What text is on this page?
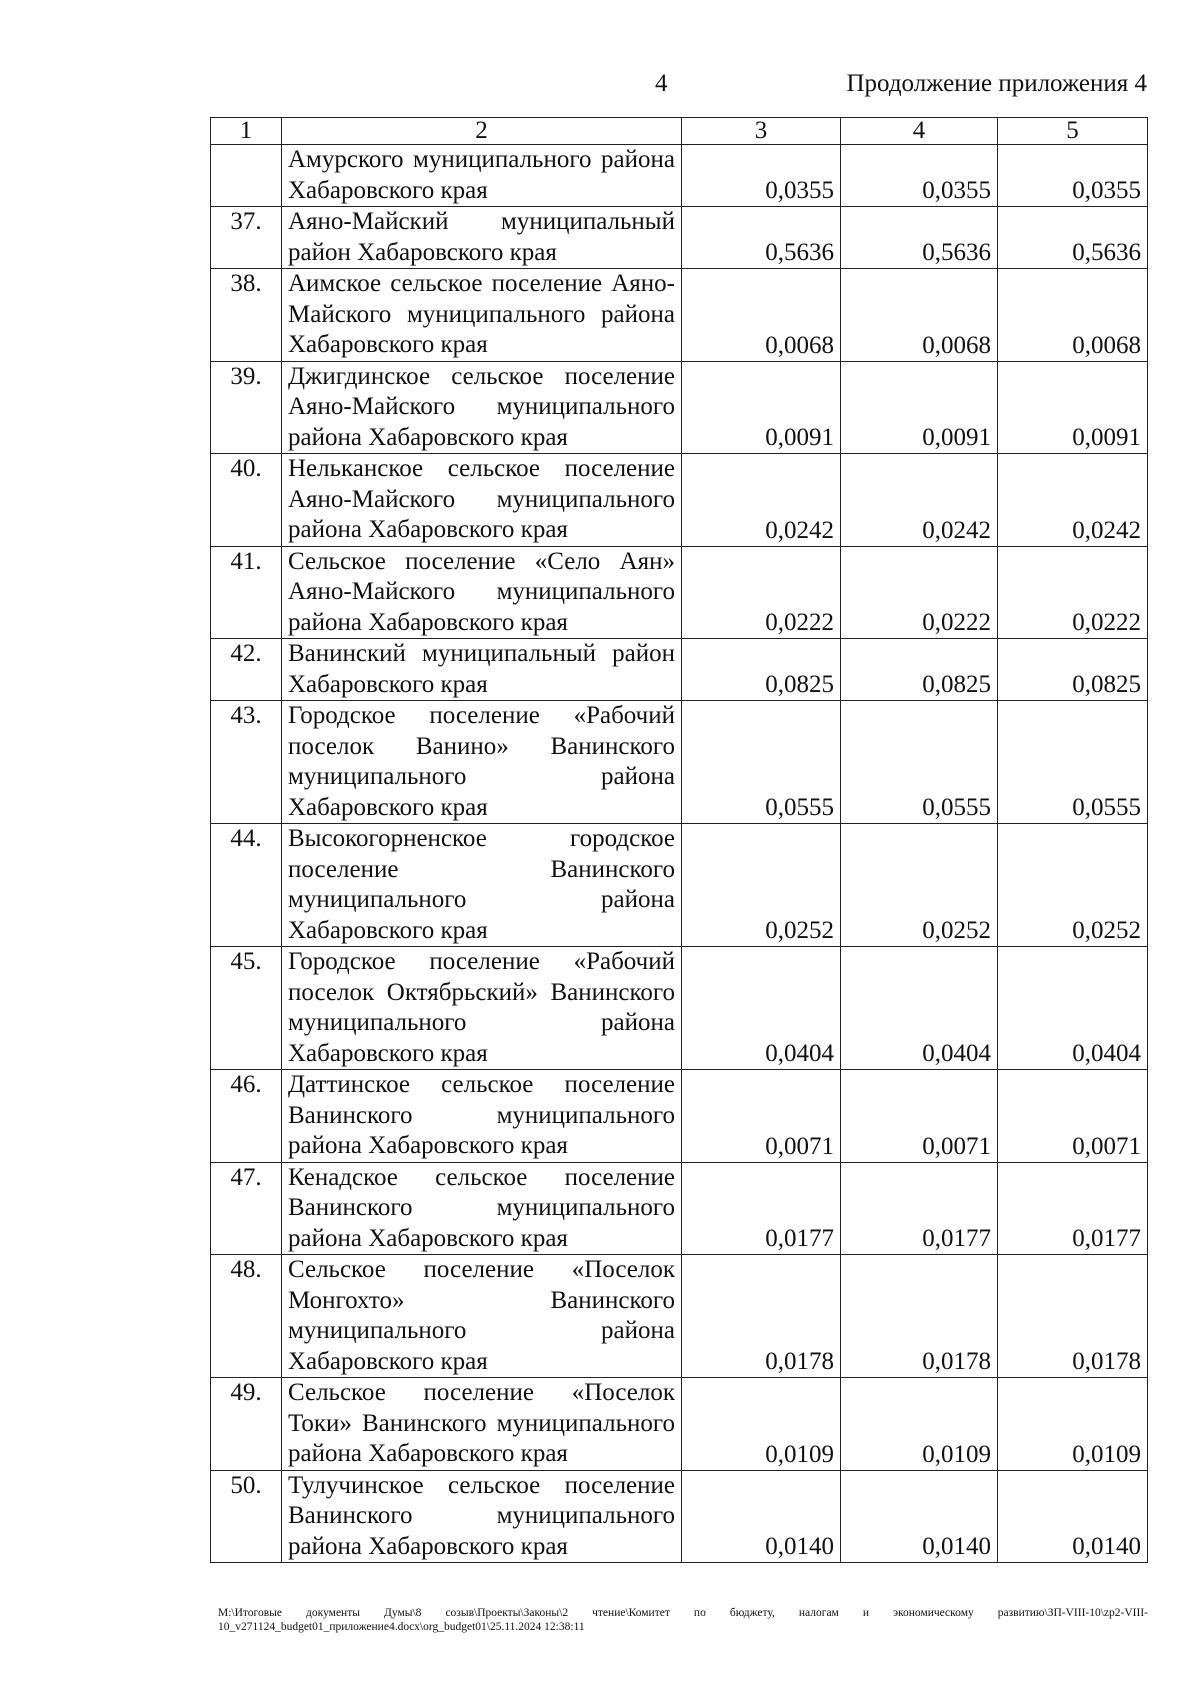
4	Продолжение приложения 4
1	2	3	4	5
	Амурского муниципального района Хабаровского края	0,0355	0,0355	0,0355
37.	Аяно-Майский муниципальный район Хабаровского края	0,5636	0,5636	0,5636
38.	Аимское сельское поселение Аяно-Майского муниципального района Хабаровского края	0,0068	0,0068	0,0068
39.	Джигдинское сельское поселение Аяно-Майского муниципального района Хабаровского края	0,0091	0,0091	0,0091
40.	Нельканское сельское поселение Аяно-Майского муниципального района Хабаровского края	0,0242	0,0242	0,0242
41.	Сельское поселение «Село Аян» Аяно-Майского муниципального района Хабаровского края	0,0222	0,0222	0,0222
42.	Ванинский муниципальный район Хабаровского края	0,0825	0,0825	0,0825
43.	Городское поселение «Рабочий поселок Ванино» Ванинского муниципального района Хабаровского края	0,0555	0,0555	0,0555
44.	Высокогорненское городское поселение Ванинского муниципального района Хабаровского края	0,0252	0,0252	0,0252
45.	Городское поселение «Рабочий поселок Октябрьский» Ванинского муниципального района Хабаровского края	0,0404	0,0404	0,0404
46.	Даттинское сельское поселение Ванинского муниципального района Хабаровского края	0,0071	0,0071	0,0071
47.	Кенадское сельское поселение Ванинского муниципального района Хабаровского края	0,0177	0,0177	0,0177
48.	Сельское поселение «Поселок Монгохто» Ванинского муниципального района Хабаровского края	0,0178	0,0178	0,0178
49.	Сельское поселение «Поселок Токи» Ванинского муниципального района Хабаровского края	0,0109	0,0109	0,0109
50.	Тулучинское сельское поселение Ванинского муниципального района Хабаровского края	0,0140	0,0140	0,0140
M:\Итоговые документы Думы\8 созыв\Проекты\Законы\2 чтение\Комитет по бюджету, налогам и экономическому развитию\ЗП-VIII-10\zp2-VIII-10_v271124_budget01_приложение4.docx\org_budget01\25.11.2024 12:38:11
